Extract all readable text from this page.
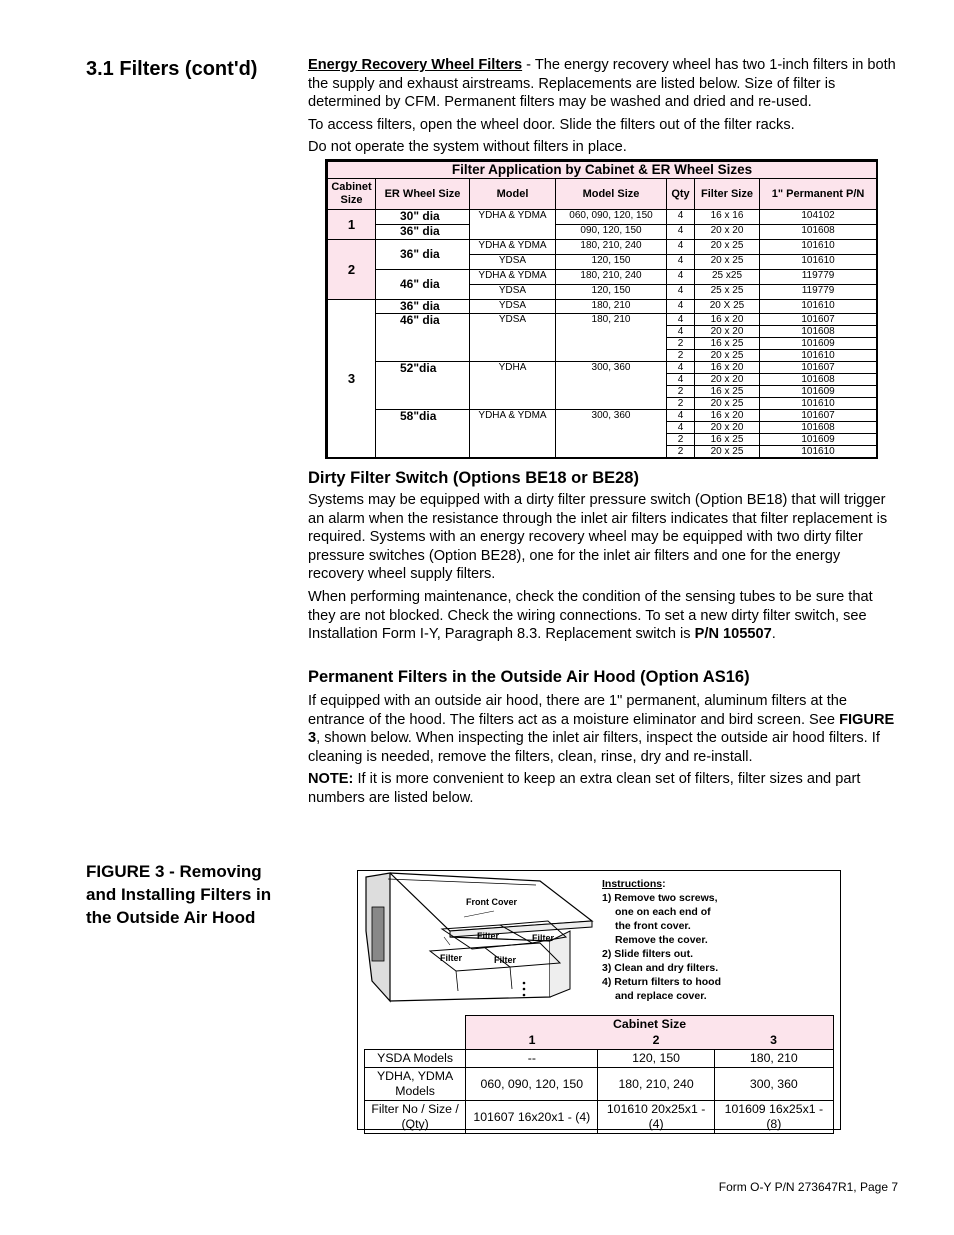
3.1 Filters (cont'd)	Energy Recovery Wheel Filters - The energy recovery wheel has two 1-inch filters in both the supply and exhaust airstreams. Replacements are listed below. Size of filter is determined by CFM. Permanent filters may be washed and dried and re-used.

To access filters, open the wheel door. Slide the filters out of the filter racks.

Do not operate the system without filters in place.

Filter Application by Cabinet & ER Wheel Sizes						
Cabinet Size	ER Wheel Size	Model	Model Size	Qty	Filter Size	1" Permanent P/N
1	30" dia	YDHA & YDMA	060, 090, 120, 150	4	16 x 16	104102
	36" dia		090, 120, 150	4	20 x 20	101608
2	36" dia	YDHA & YDMA	180, 210, 240	4	20 x 25	101610
		YDSA	120, 150	4	20 x 25	101610
	46" dia	YDHA & YDMA	180, 210, 240	4	25 x25	119779
		YDSA	120, 150	4	25 x 25	119779
3	36" dia	YDSA	180, 210	4	20 X 25	101610
	46" dia	YDSA	180, 210	4	16 x 20	101607
				4	20 x 20	101608
				2	16 x 25	101609
				2	20 x 25	101610
	52"dia	YDHA	300, 360	4	16 x 20	101607
				4	20 x 20	101608
				2	16 x 25	101609
				2	20 x 25	101610
	58"dia	YDHA & YDMA	300, 360	4	16 x 20	101607
				4	20 x 20	101608
				2	16 x 25	101609
				2	20 x 25	101610
Dirty Filter Switch (Options BE18 or BE28)

Systems may be equipped with a dirty filter pressure switch (Option BE18) that will trigger an alarm when the resistance through the inlet air filters indicates that filter replacement is required. Systems with an energy recovery wheel may be equipped with two dirty filter pressure switches (Option BE28), one for the inlet air filters and one for the energy recovery wheel supply filters.

When performing maintenance, check the condition of the sensing tubes to be sure that they are not blocked. Check the wiring connections. To set a new dirty filter switch, see Installation Form I-Y, Paragraph 8.3. Replacement switch is P/N 105507.

Permanent Filters in the Outside Air Hood (Option AS16)

If equipped with an outside air hood, there are 1" permanent, aluminum filters at the entrance of the hood. The filters act as a moisture eliminator and bird screen. See FIGURE 3, shown below. When inspecting the inlet air filters, inspect the outside air hood filters. If cleaning is needed, remove the filters, clean, rinse, dry and re-install.

NOTE: If it is more convenient to keep an extra clean set of filters, filter sizes and part numbers are listed below.

FIGURE 3 - Removing and Installing Filters in the Outside Air Hood
Front Cover
Filter	Filter
Filter	Filter
Instructions:
1) Remove two screws,
one on each end of
the front cover.
Remove the cover.
2) Slide filters out.
3) Clean and dry filters.
4) Return filters to hood
and replace cover.
	Cabinet Size		
	1	2	3
YSDA Models	--	120, 150	180, 210
YDHA, YDMA Models	060, 090, 120, 150	180, 210, 240	300, 360
Filter No / Size / (Qty)	101607 16x20x1 - (4)	101610 20x25x1 - (4)	101609 16x25x1 - (8)
Form O-Y P/N 273647R1, Page 7
